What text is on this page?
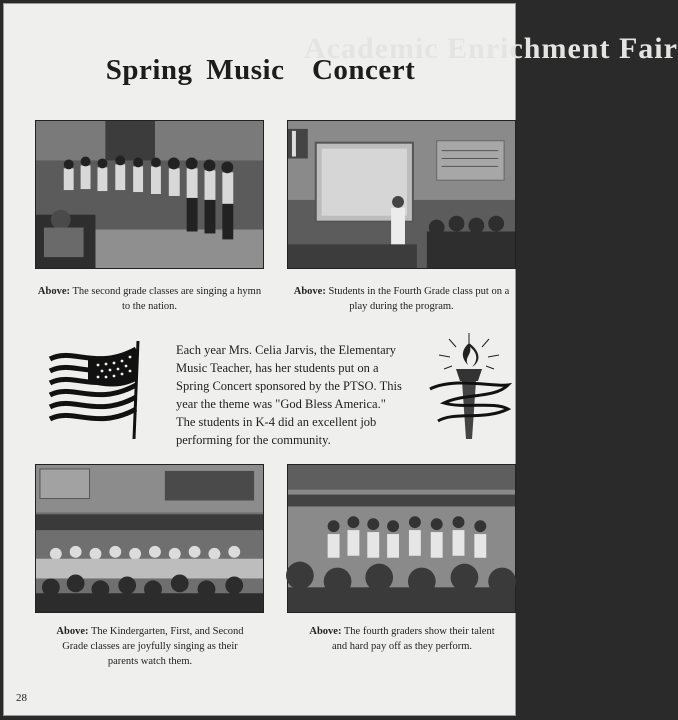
Academic Enrichment Fair
Spring Music  Concert
Above: The second grade classes are singing a hymn to the nation.
Above: Students in the Fourth Grade class put on a play during the program.
Each year Mrs. Celia Jarvis, the Elementary Music Teacher, has her students put on a Spring Concert sponsored by the PTSO. This year the theme was "God Bless America." The students in K-4 did an excellent job performing for the community.
Above: The Kindergarten, First, and Second Grade classes are joyfully singing as their parents watch them.
Above: The fourth graders show their talent and hard pay off as they perform.
28
